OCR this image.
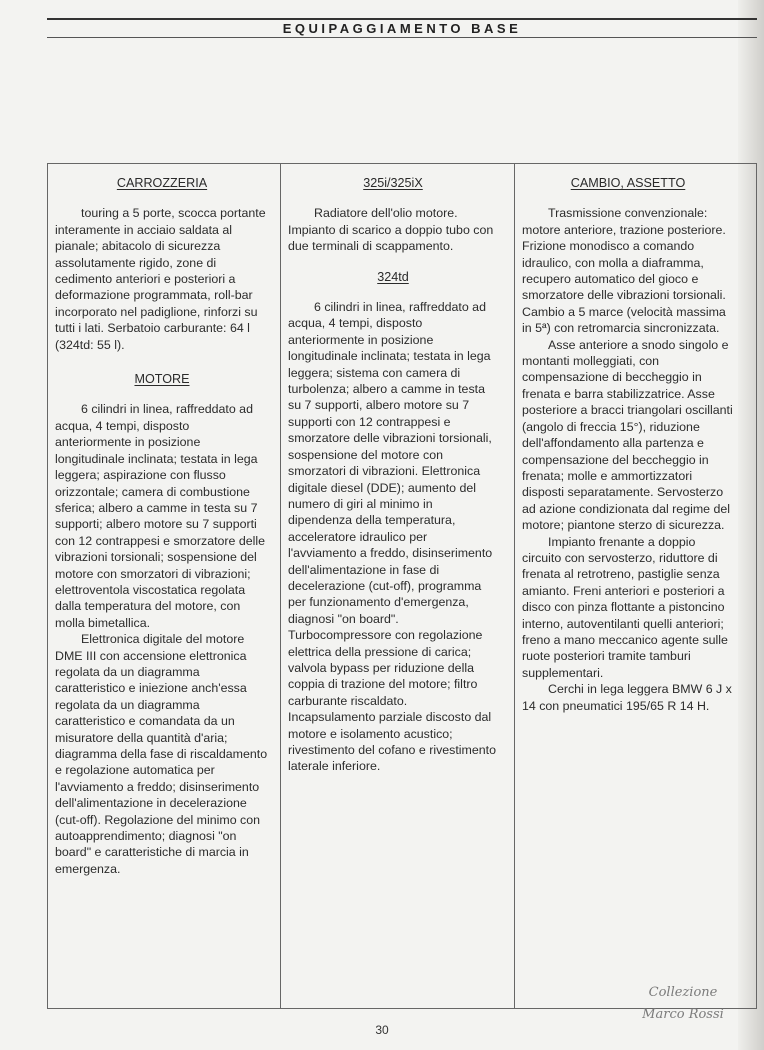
EQUIPAGGIAMENTO BASE
CARROZZERIA

touring a 5 porte, scocca portante interamente in acciaio saldata al pianale; abitacolo di sicurezza assolutamente rigido, zone di cedimento anteriori e posteriori a deformazione programmata, roll-bar incorporato nel padiglione, rinforzi su tutti i lati. Serbatoio carburante: 64 l (324td: 55 l).

MOTORE

6 cilindri in linea, raffreddato ad acqua, 4 tempi, disposto anteriormente in posizione longitudinale inclinata; testata in lega leggera; aspirazione con flusso orizzontale; camera di combustione sferica; albero a camme in testa su 7 supporti; albero motore su 7 supporti con 12 contrappesi e smorzatore delle vibrazioni torsionali; sospensione del motore con smorzatori di vibrazioni; elettroventola viscostatica regolata dalla temperatura del motore, con molla bimetallica.

Elettronica digitale del motore DME III con accensione elettronica regolata da un diagramma caratteristico e iniezione anch'essa regolata da un diagramma caratteristico e comandata da un misuratore della quantità d'aria; diagramma della fase di riscaldamento e regolazione automatica per l'avviamento a freddo; disinserimento dell'alimentazione in decelerazione (cut-off). Regolazione del minimo con autoapprendimento; diagnosi "on board" e caratteristiche di marcia in emergenza.

325i/325iX

Radiatore dell'olio motore. Impianto di scarico a doppio tubo con due terminali di scappamento.

324td

6 cilindri in linea, raffreddato ad acqua, 4 tempi, disposto anteriormente in posizione longitudinale inclinata; testata in lega leggera; sistema con camera di turbolenza; albero a camme in testa su 7 supporti, albero motore su 7 supporti con 12 contrappesi e smorzatore delle vibrazioni torsionali, sospensione del motore con smorzatori di vibrazioni. Elettronica digitale diesel (DDE); aumento del numero di giri al minimo in dipendenza della temperatura, acceleratore idraulico per l'avviamento a freddo, disinserimento dell'alimentazione in fase di decelerazione (cut-off), programma per funzionamento d'emergenza, diagnosi "on board". Turbocompressore con regolazione elettrica della pressione di carica; valvola bypass per riduzione della coppia di trazione del motore; filtro carburante riscaldato. Incapsulamento parziale discosto dal motore e isolamento acustico; rivestimento del cofano e rivestimento laterale inferiore.

CAMBIO, ASSETTO

Trasmissione convenzionale: motore anteriore, trazione posteriore. Frizione monodisco a comando idraulico, con molla a diaframma, recupero automatico del gioco e smorzatore delle vibrazioni torsionali. Cambio a 5 marce (velocità massima in 5ª) con retromarcia sincronizzata.

Asse anteriore a snodo singolo e montanti molleggiati, con compensazione di beccheggio in frenata e barra stabilizzatrice. Asse posteriore a bracci triangolari oscillanti (angolo di freccia 15°), riduzione dell'affondamento alla partenza e compensazione del beccheggio in frenata; molle e ammortizzatori disposti separatamente. Servosterzo ad azione condizionata dal regime del motore; piantone sterzo di sicurezza.

Impianto frenante a doppio circuito con servosterzo, riduttore di frenata al retrotreno, pastiglie senza amianto. Freni anteriori e posteriori a disco con pinza flottante a pistoncino interno, autoventilanti quelli anteriori; freno a mano meccanico agente sulle ruote posteriori tramite tamburi supplementari.

Cerchi in lega leggera BMW 6 J x 14 con pneumatici 195/65 R 14 H.

Collezione
Marco Rossi
30
